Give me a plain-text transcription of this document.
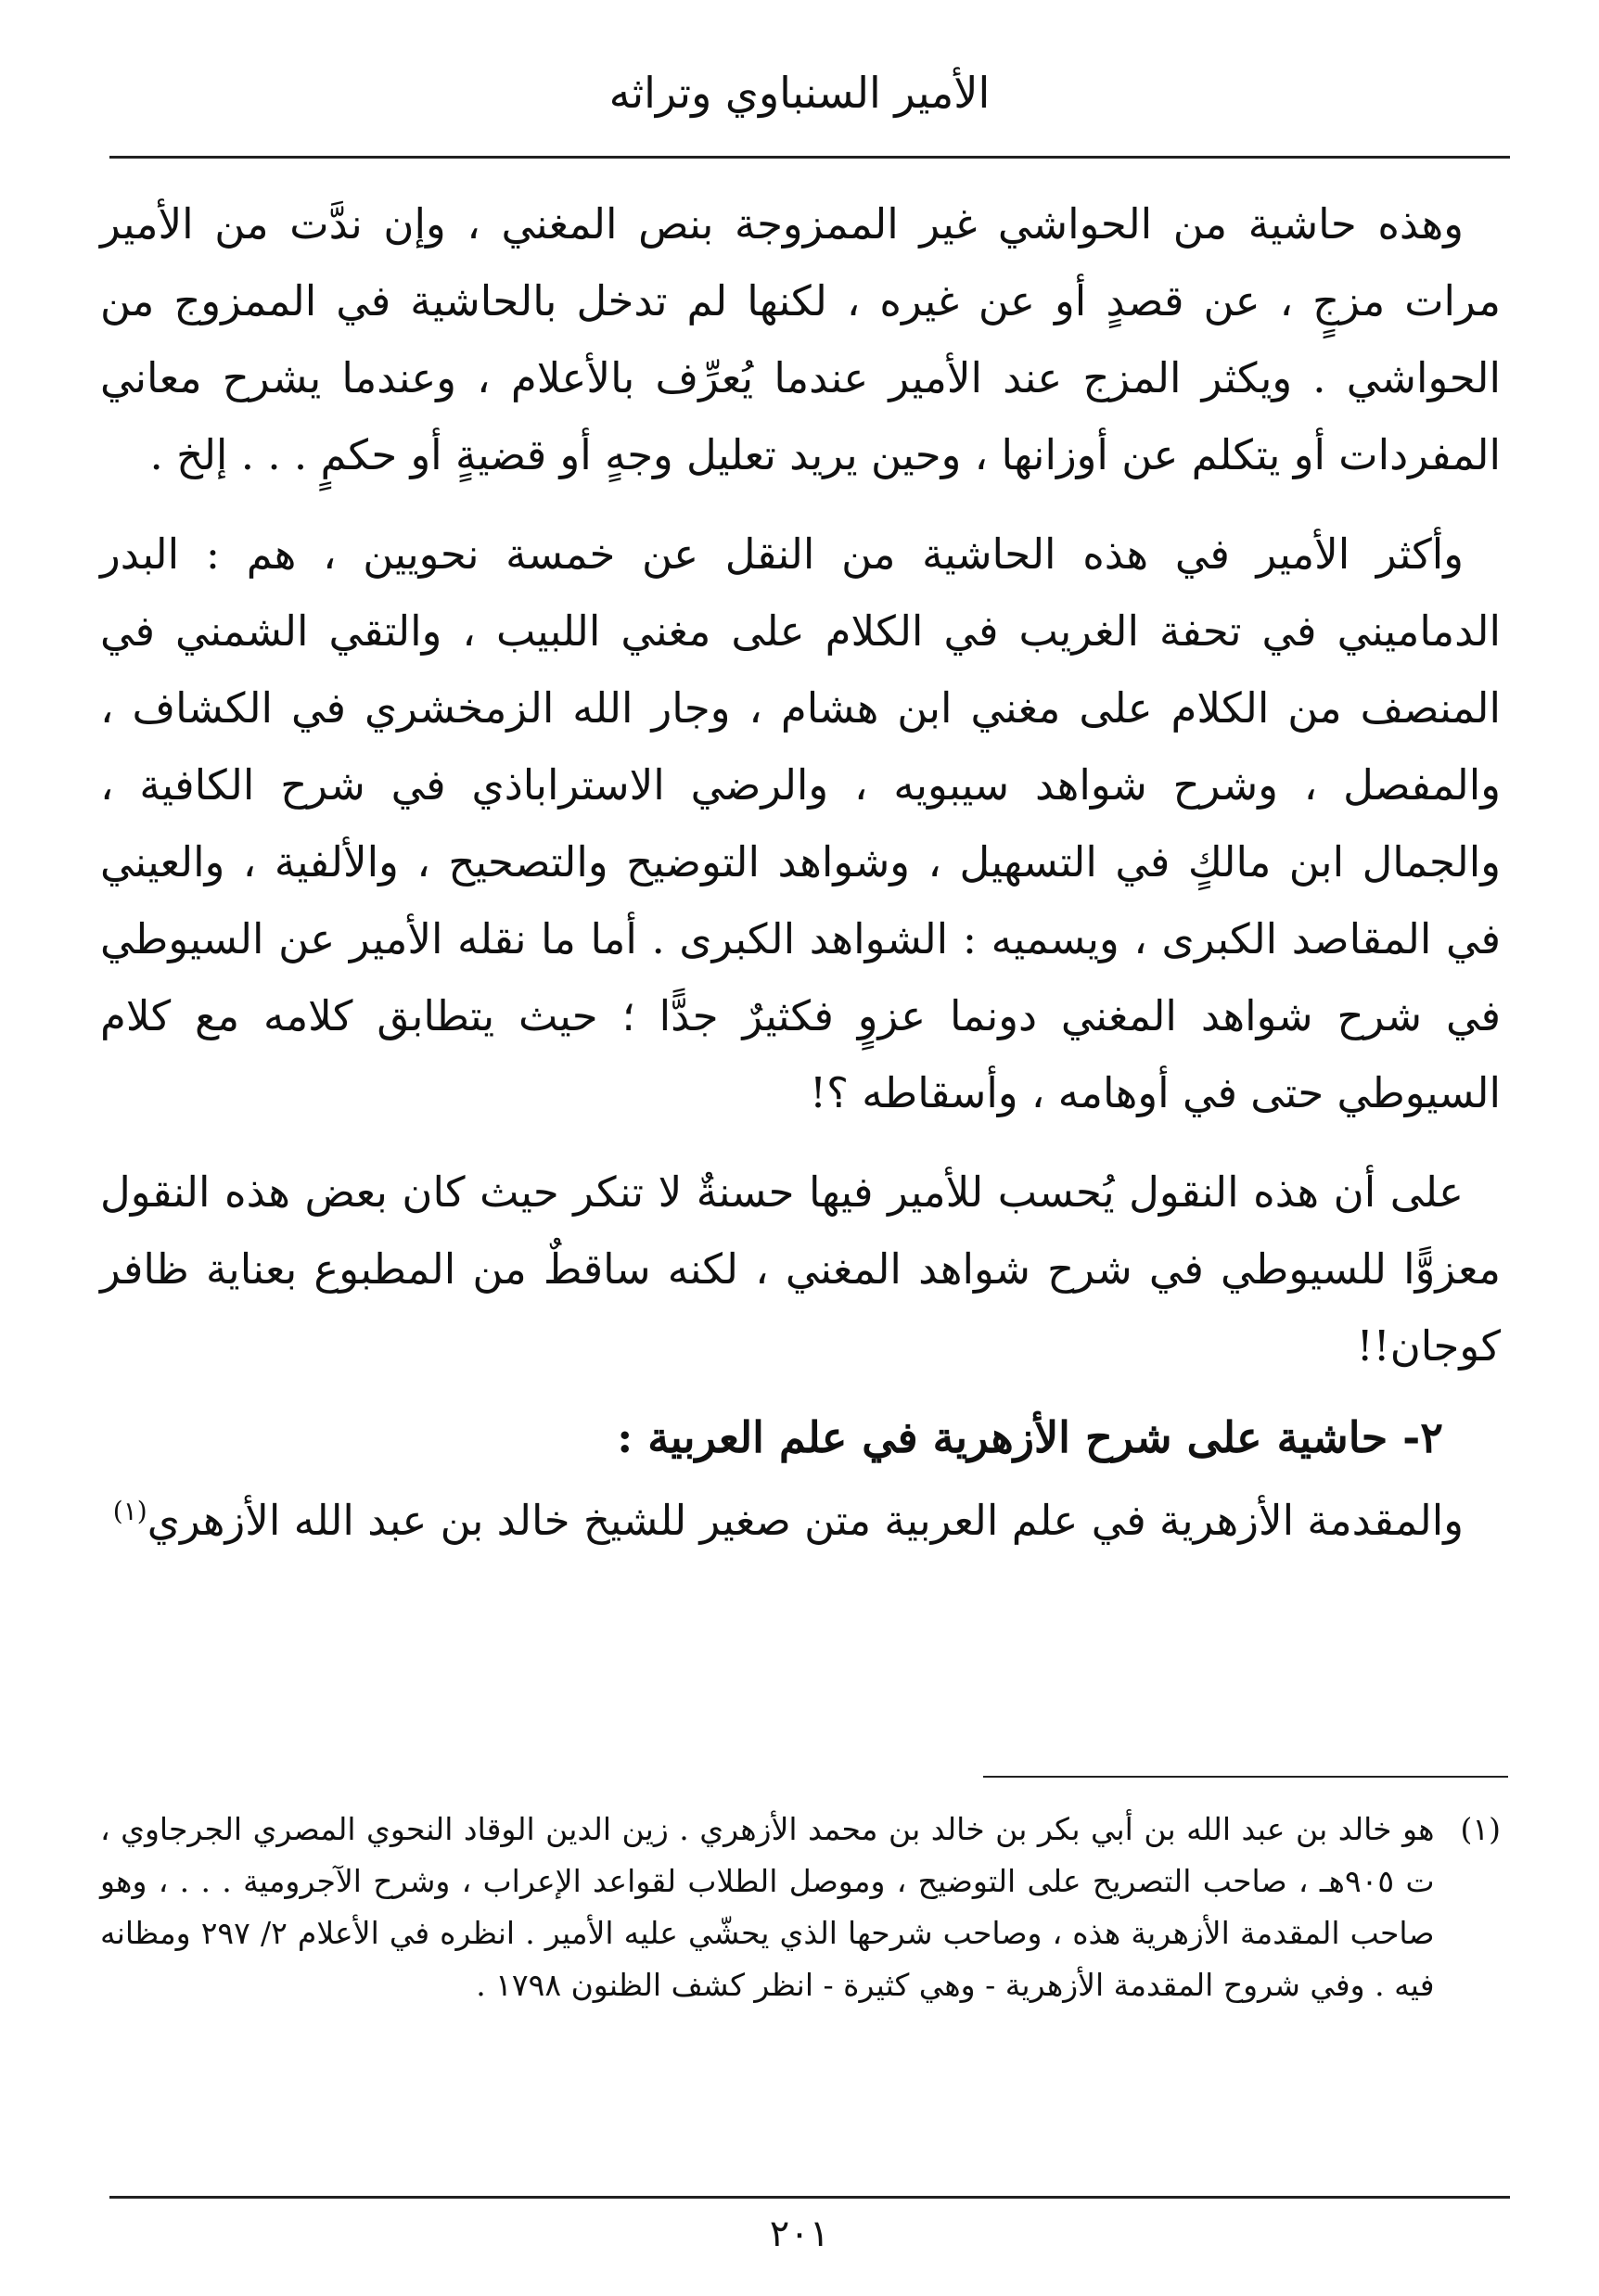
الأمير السنباوي وتراثه

وهذه حاشية من الحواشي غير الممزوجة بنص المغني ، وإن ندَّت من الأمير مرات مزجٍ ، عن قصدٍ أو عن غيره ، لكنها لم تدخل بالحاشية في الممزوج من الحواشي . ويكثر المزج عند الأمير عندما يُعرِّف بالأعلام ، وعندما يشرح معاني المفردات أو يتكلم عن أوزانها ، وحين يريد تعليل وجهٍ أو قضيةٍ أو حكمٍ . . . إلخ .

وأكثر الأمير في هذه الحاشية من النقل عن خمسة نحويين ، هم : البدر الدماميني في تحفة الغريب في الكلام على مغني اللبيب ، والتقي الشمني في المنصف من الكلام على مغني ابن هشام ، وجار الله الزمخشري في الكشاف ، والمفصل ، وشرح شواهد سيبويه ، والرضي الاستراباذي في شرح الكافية ، والجمال ابن مالكٍ في التسهيل ، وشواهد التوضيح والتصحيح ، والألفية ، والعيني في المقاصد الكبرى ، ويسميه : الشواهد الكبرى . أما ما نقله الأمير عن السيوطي في شرح شواهد المغني دونما عزوٍ فكثيرٌ جدًّا ؛ حيث يتطابق كلامه مع كلام السيوطي حتى في أوهامه ، وأسقاطه ؟!

على أن هذه النقول يُحسب للأمير فيها حسنةٌ لا تنكر حيث كان بعض هذه النقول معزوًّا للسيوطي في شرح شواهد المغني ، لكنه ساقطٌ من المطبوع بعناية ظافر كوجان!!

٢- حاشية على شرح الأزهرية في علم العربية :

والمقدمة الأزهرية في علم العربية متن صغير للشيخ خالد بن عبد الله الأزهري$^{(١)}$

(١)
هو خالد بن عبد الله بن أبي بكر بن خالد بن محمد الأزهري . زين الدين الوقاد النحوي المصري الجرجاوي ، ت ٩٠٥هـ ، صاحب التصريح على التوضيح ، وموصل الطلاب لقواعد الإعراب ، وشرح الآجرومية . . . ، وهو صاحب المقدمة الأزهرية هذه ، وصاحب شرحها الذي يحشّي عليه الأمير . انظره في الأعلام ٢/ ٢٩٧ ومظانه فيه . وفي شروح المقدمة الأزهرية - وهي كثيرة - انظر كشف الظنون ١٧٩٨ .
٢٠١
